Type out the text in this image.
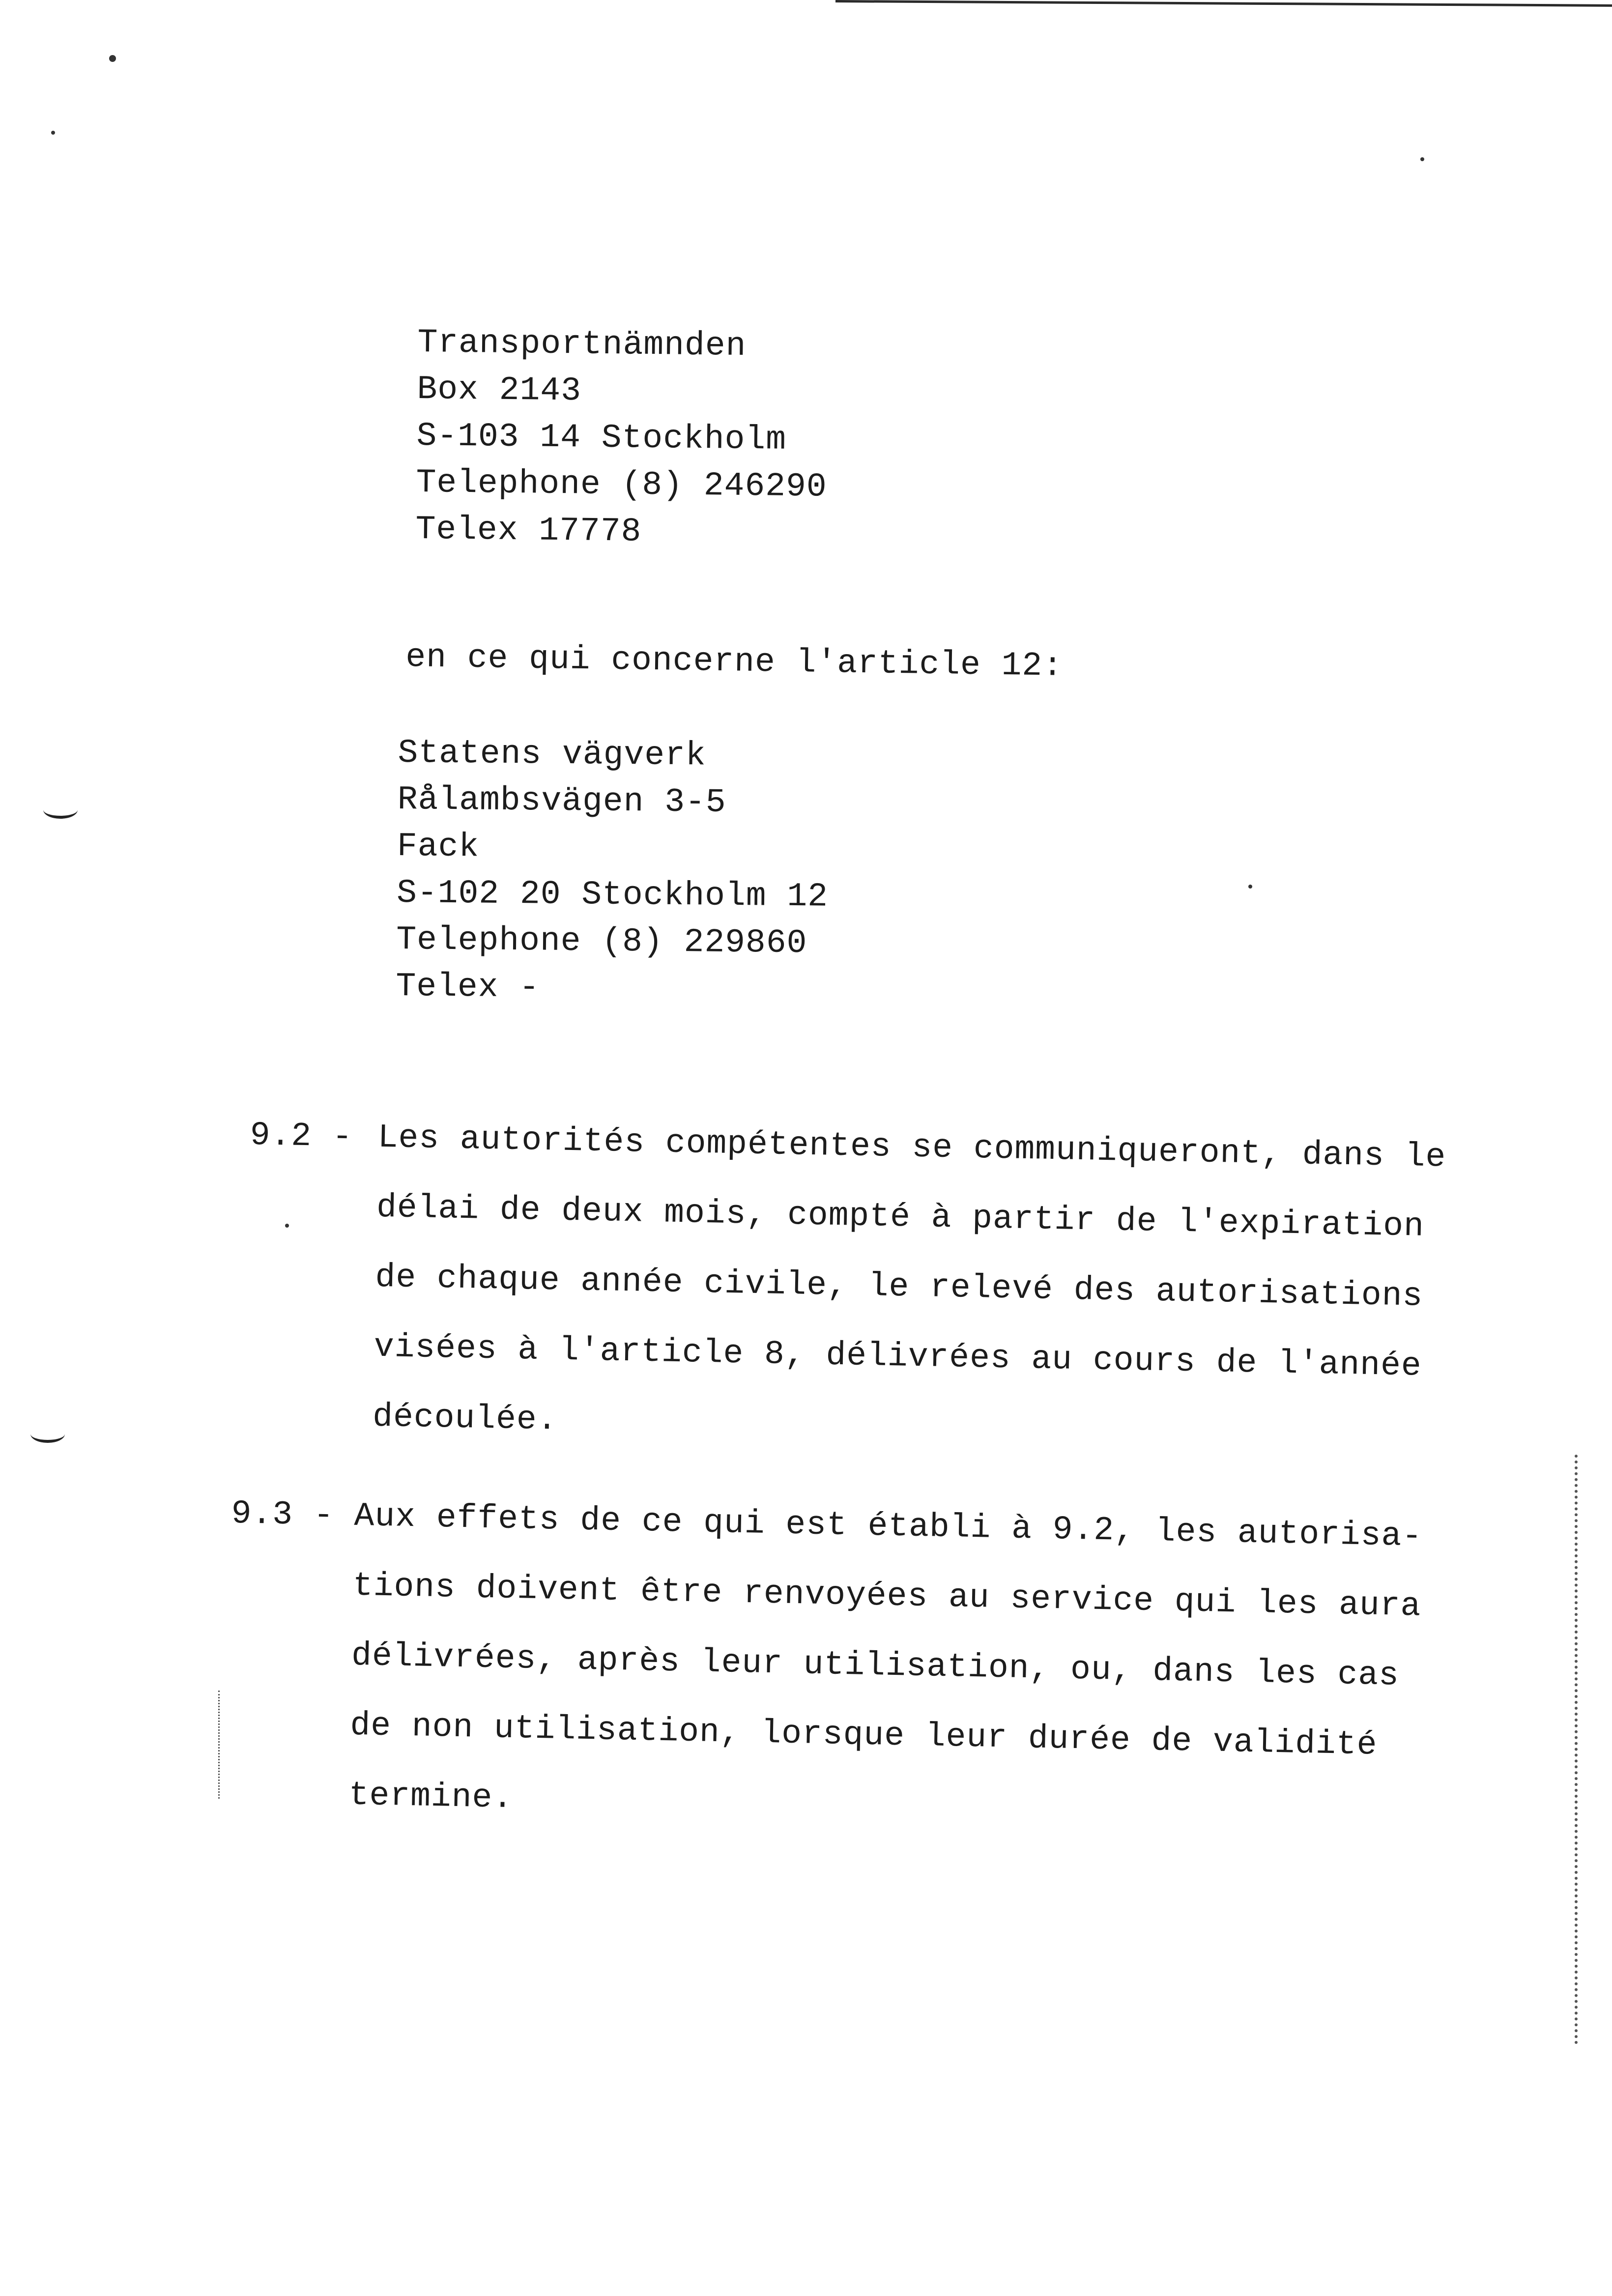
Transportnämnden
Box 2143
S-103 14 Stockholm
Telephone (8) 246290
Telex 17778
en ce qui concerne l'article 12:
Statens vägverk
Rålambsvägen 3-5
Fack
S-102 20 Stockholm 12
Telephone (8) 229860
Telex -
9.2 - Les autorités compétentes se communiqueront, dans le
délai de deux mois, compté à partir de l'expiration
de chaque année civile, le relevé des autorisations
visées à l'article 8, délivrées au cours de l'année
découlée.
9.3 - Aux effets de ce qui est établi à 9.2, les autorisa-
tions doivent être renvoyées au service qui les aura
délivrées, après leur utilisation, ou, dans les cas
de non utilisation, lorsque leur durée de validité
termine.
